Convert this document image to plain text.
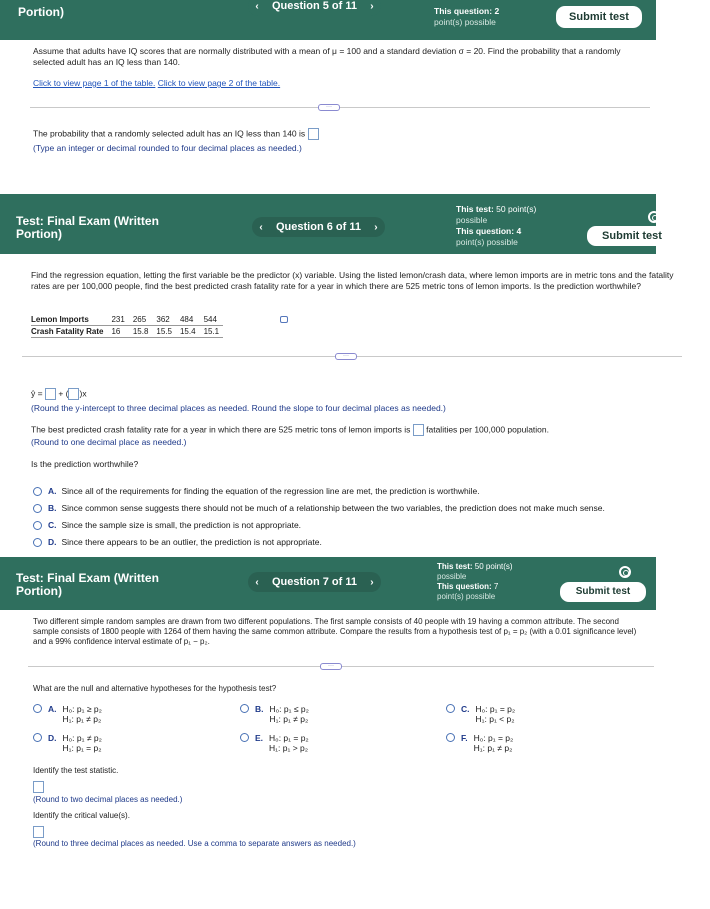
Portion)	‹	Question 5 of 11	›	This question: 2
point(s) possible	Submit test
Assume that adults have IQ scores that are normally distributed with a mean of μ = 100 and a standard deviation σ = 20. Find the probability that a randomly selected adult has an IQ less than 140.
Click to view page 1 of the table. Click to view page 2 of the table.
···
The probability that a randomly selected adult has an IQ less than 140 is
(Type an integer or decimal rounded to four decimal places as needed.)
Test: Final Exam (Written
Portion)	‹	Question 6 of 11	›
This test: 50 point(s)
possible
This question: 4
point(s) possible	Submit test
Find the regression equation, letting the first variable be the predictor (x) variable. Using the listed lemon/crash data, where lemon imports are in metric tons and the fatality rates are per 100,000 people, find the best predicted crash fatality rate for a year in which there are 525 metric tons of lemon imports. Is the prediction worthwhile?
Lemon Imports	231	265	362	484	544
Crash Fatality Rate	16	15.8	15.5	15.4	15.1
···
ŷ = + ( )x
(Round the y-intercept to three decimal places as needed. Round the slope to four decimal places as needed.)
The best predicted crash fatality rate for a year in which there are 525 metric tons of lemon imports is fatalities per 100,000 population.
(Round to one decimal place as needed.)
Is the prediction worthwhile?
A. Since all of the requirements for finding the equation of the regression line are met, the prediction is worthwhile.
B. Since common sense suggests there should not be much of a relationship between the two variables, the prediction does not make much sense.
C. Since the sample size is small, the prediction is not appropriate.
D. Since there appears to be an outlier, the prediction is not appropriate.
Test: Final Exam (Written
Portion)
‹	Question 7 of 11	›
This test: 50 point(s)
possible
This question: 7
point(s) possible	Submit test
Two different simple random samples are drawn from two different populations. The first sample consists of 40 people with 19 having a common attribute. The second sample consists of 1800 people with 1264 of them having the same common attribute. Compare the results from a hypothesis test of p₁ = p₂ (with a 0.01 significance level) and a 99% confidence interval estimate of p₁ − p₂.
···
What are the null and alternative hypotheses for the hypothesis test?
A. H₀: p₁ ≥ p₂
H₁: p₁ ≠ p₂
B. H₀: p₁ ≤ p₂
H₁: p₁ ≠ p₂
C. H₀: p₁ = p₂
H₁: p₁ < p₂
D. H₀: p₁ ≠ p₂
H₁: p₁ = p₂
E. H₀: p₁ = p₂
H₁: p₁ > p₂
F. H₀: p₁ = p₂
H₁: p₁ ≠ p₂
Identify the test statistic.
(Round to two decimal places as needed.)
Identify the critical value(s).
(Round to three decimal places as needed. Use a comma to separate answers as needed.)
